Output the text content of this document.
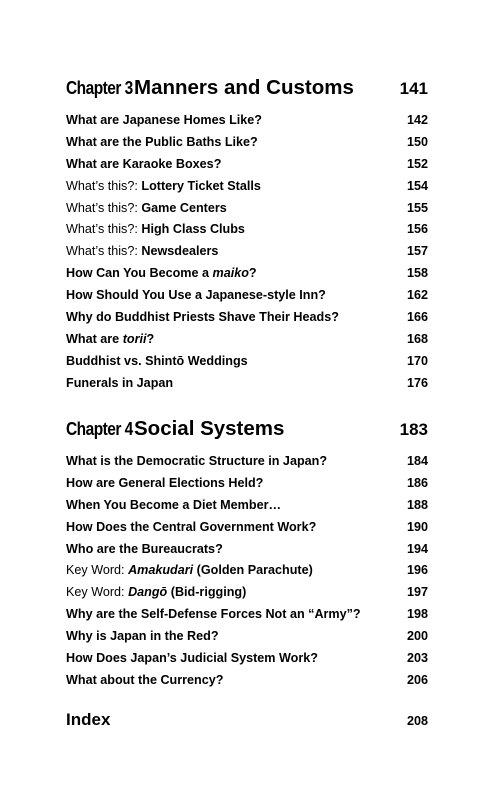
Chapter 3 Manners and Customs	141
What are Japanese Homes Like?	142
What are the Public Baths Like?	150
What are Karaoke Boxes?	152
What’s this?: Lottery Ticket Stalls	154
What’s this?: Game Centers	155
What’s this?: High Class Clubs	156
What’s this?: Newsdealers	157
How Can You Become a maiko?	158
How Should You Use a Japanese-style Inn?	162
Why do Buddhist Priests Shave Their Heads?	166
What are torii?	168
Buddhist vs. Shintō Weddings	170
Funerals in Japan	176
Chapter 4 Social Systems	183
What is the Democratic Structure in Japan?	184
How are General Elections Held?	186
When You Become a Diet Member…	188
How Does the Central Government Work?	190
Who are the Bureaucrats?	194
Key Word: Amakudari (Golden Parachute)	196
Key Word: Dangō (Bid-rigging)	197
Why are the Self-Defense Forces Not an “Army”?	198
Why is Japan in the Red?	200
How Does Japan’s Judicial System Work?	203
What about the Currency?	206
Index	208
